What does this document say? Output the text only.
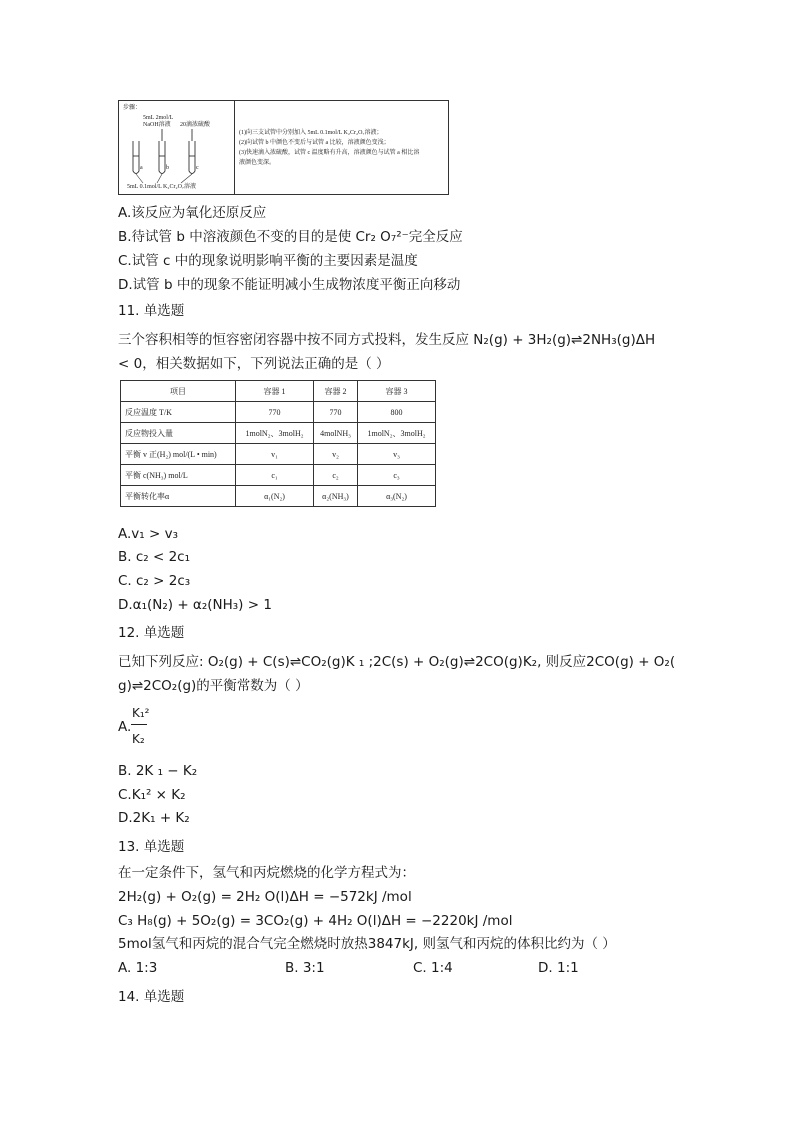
步骤：
5mL 2mol/L
NaOH溶液 20滴浓硫酸
a	b	c
5mL 0.1mol/L K₂Cr₂O₇溶液
(1)向三支试管中分别加入 5mL 0.1mol/L K₂Cr₂O₇溶液；
(2)向试管 b 中颜色不变后与试管 a 比较，溶液颜色变浅；
(3)快速滴入浓硫酸，试管 c 温度略有升高，溶液颜色与试管 a 相比溶
液颜色变深。
A.该反应为氧化还原反应
B.待试管 b 中溶液颜色不变的目的是使 Cr₂ O₇²⁻完全反应
C.试管 c 中的现象说明影响平衡的主要因素是温度
D.试管 b 中的现象不能证明减小生成物浓度平衡正向移动
11. 单选题
三个容积相等的恒容密闭容器中按不同方式投料，发生反应 N₂(g) + 3H₂(g)⇌2NH₃(g)ΔH
< 0，相关数据如下，下列说法正确的是（ ）
项目	容器 1	容器 2	容器 3
反应温度 T/K	770	770	800
反应物投入量	1molN₂、3molH₂	4molNH₃	1molN₂、3molH₂
平衡 v 正(H₂) mol/(L • min)	v₁	v₂	v₃
平衡 c(NH₃) mol/L	c₁	c₂	c₃
平衡转化率α	α₁(N₂)	α₂(NH₃)	α₃(N₂)
A.v₁ > v₃
B. c₂ < 2c₁
C. c₂ > 2c₃
D.α₁(N₂) + α₂(NH₃) > 1
12. 单选题
已知下列反应: O₂(g) + C(s)⇌CO₂(g)K ₁ ;2C(s) + O₂(g)⇌2CO(g)K₂, 则反应2CO(g) + O₂(
g)⇌2CO₂(g)的平衡常数为（ ）
A.
K₁²
K₂
B. 2K ₁ − K₂
C.K₁² × K₂
D.2K₁ + K₂
13. 单选题
在一定条件下，氢气和丙烷燃烧的化学方程式为：
2H₂(g) + O₂(g) = 2H₂ O(l)ΔH = −572kJ /mol
C₃ H₈(g) + 5O₂(g) = 3CO₂(g) + 4H₂ O(l)ΔH = −2220kJ /mol
5mol氢气和丙烷的混合气完全燃烧时放热3847kJ, 则氢气和丙烷的体积比约为（ ）
A. 1:3	B. 3:1	C. 1:4	D. 1:1
14. 单选题
